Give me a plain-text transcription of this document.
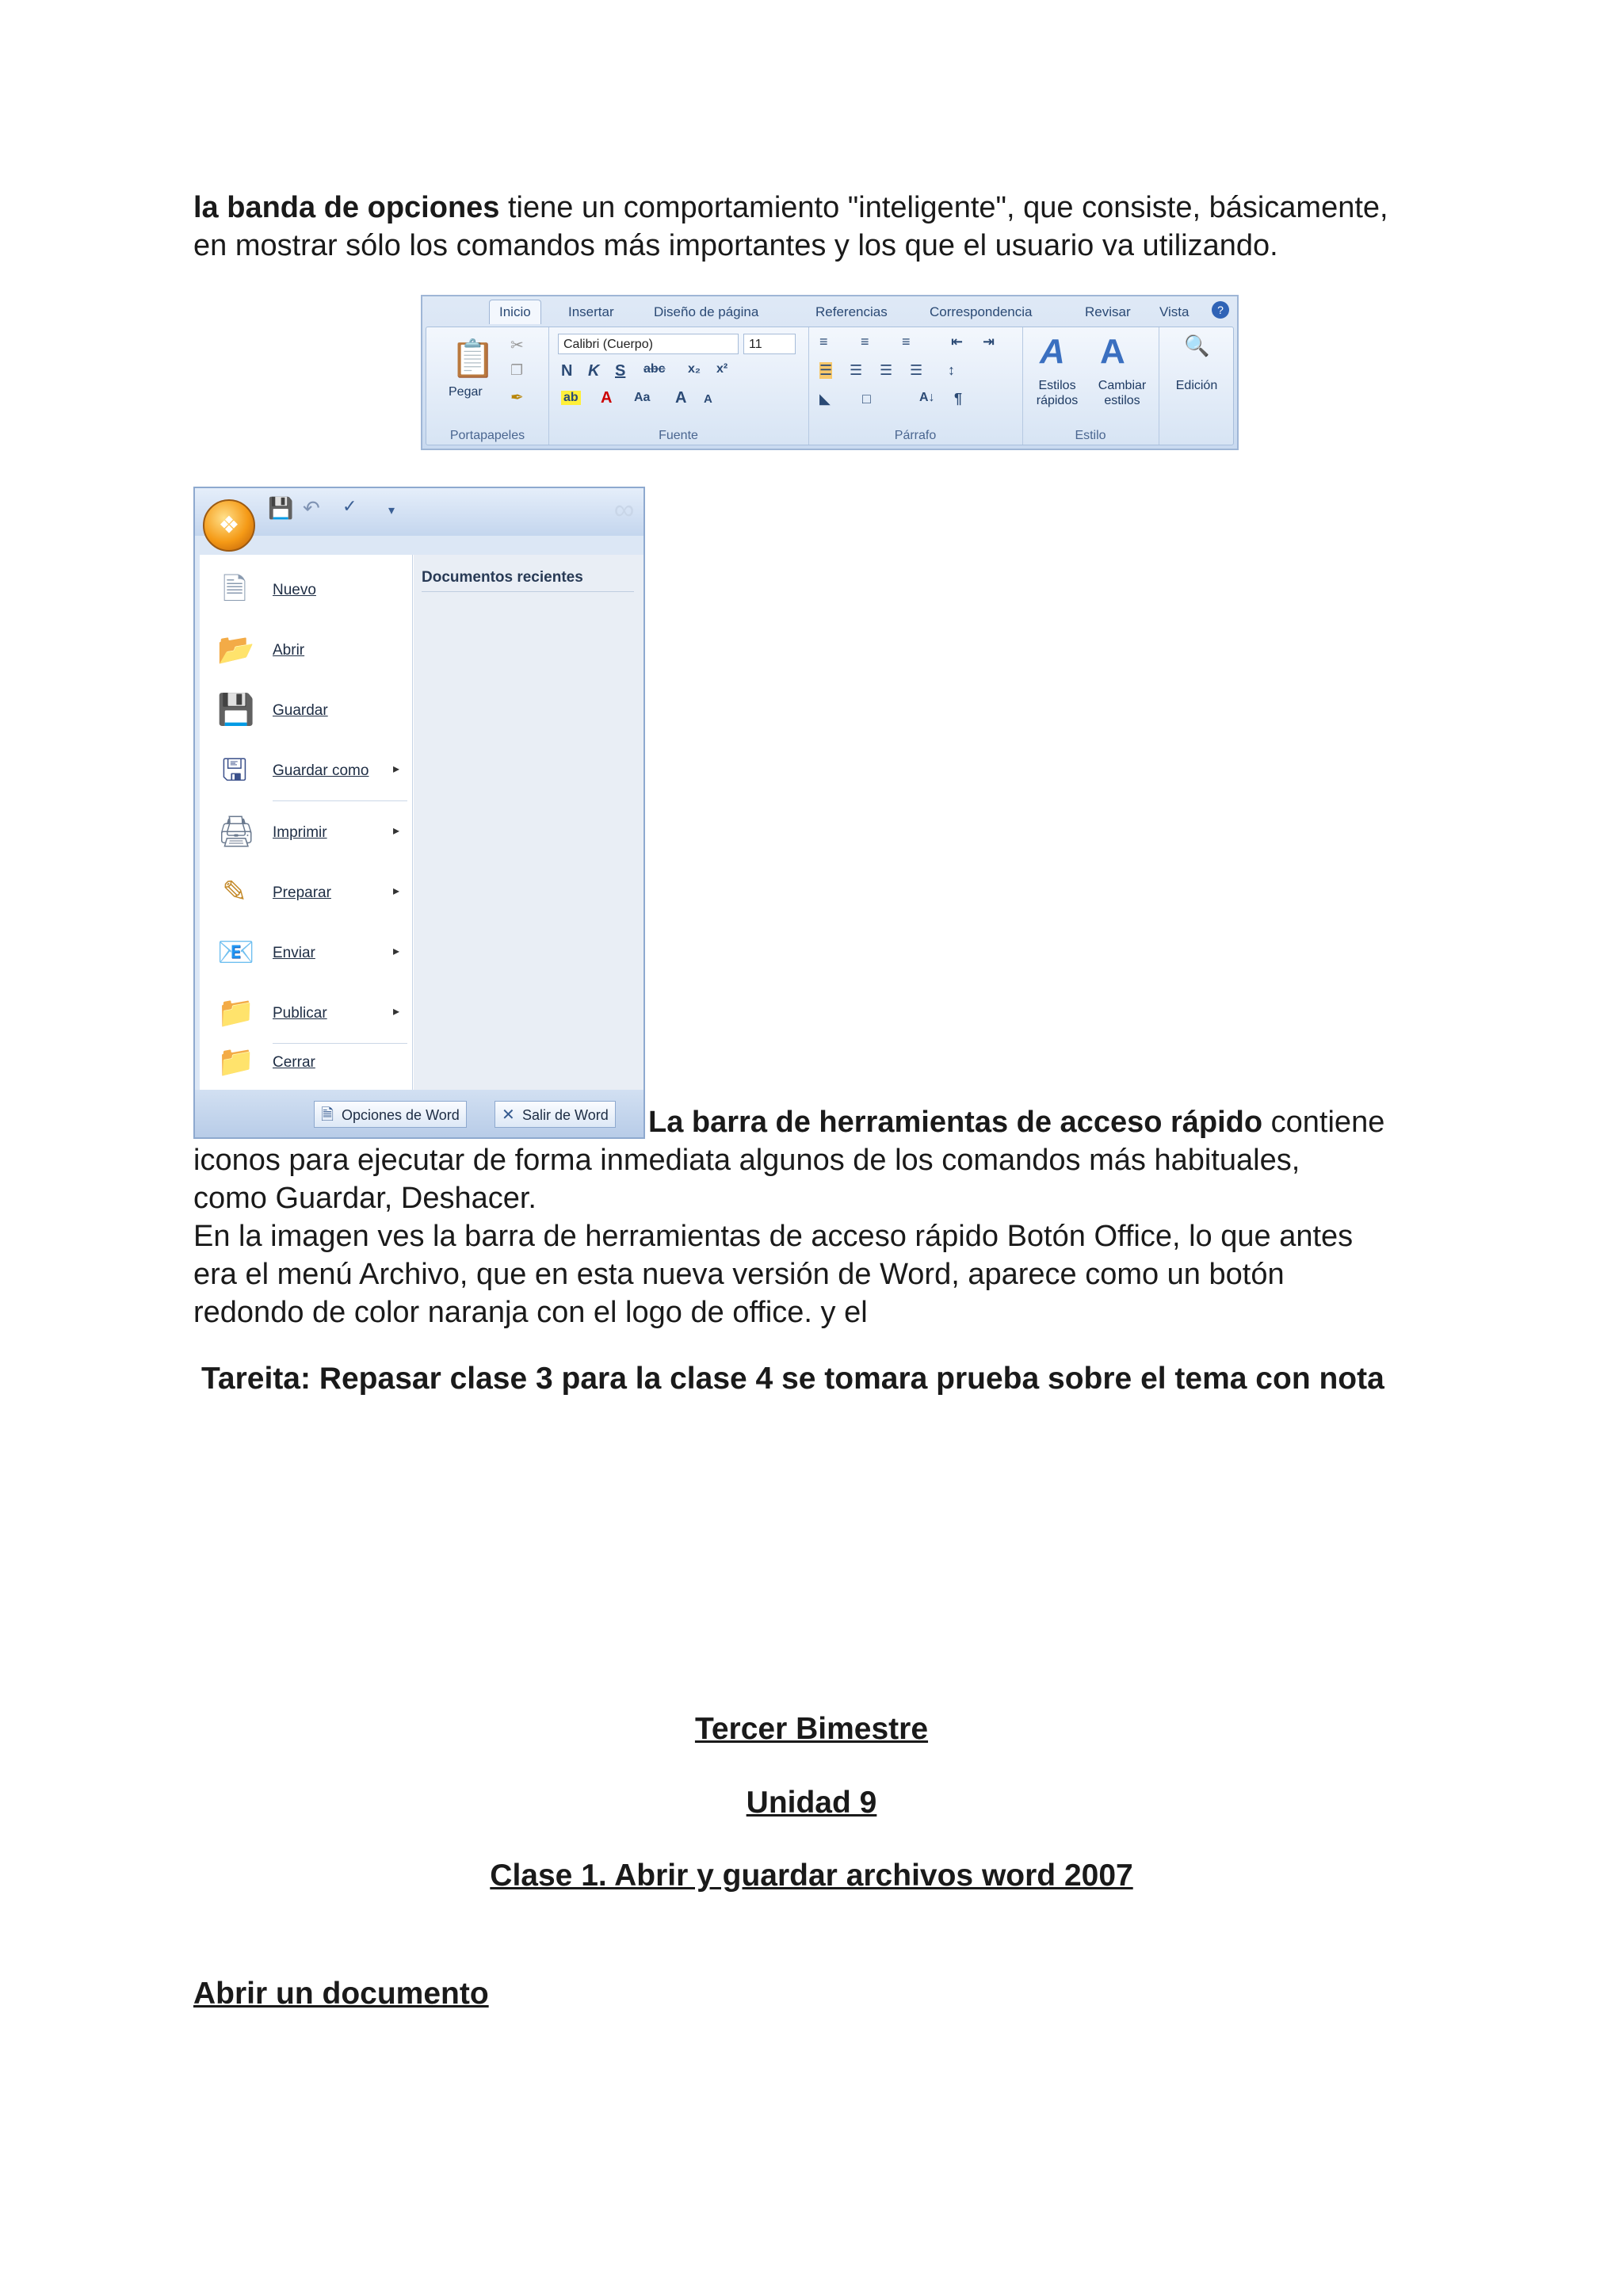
la banda de opciones tiene un comportamiento "inteligente", que consiste, básicamente,
en mostrar sólo los comandos más importantes y los que el usuario va utilizando.

Inicio	Insertar	Diseño de página	Referencias	Correspondencia	Revisar Vista	?
📋
Pegar
✂
❐
✒
Portapapeles
Calibri (Cuerpo)	11
N K S abc x₂ x²
ab A Aa A A
Fuente
≡ ≡ ≡	⇤ ⇥
☰ ☰ ☰ ☰ ↕
◣ □	A↓ ¶
Párrafo
A A
Estilos rápidos
Cambiar estilos
Estilo
🔍
Edición
💾 ↶ ✓ ▾	∞
❖
🗎	Nuevo
📂 Abrir
💾 Guardar
🖫	Guardar como ▸
🖨 Imprimir	▸
✎	Preparar	▸
📧 Enviar	▸
📁 Publicar	▸
📁 Cerrar
Documentos recientes
🗎 Opciones de Word	✕ Salir de Word La barra de herramientas de acceso rápido contiene

iconos para ejecutar de forma inmediata algunos de los comandos más habituales,
como Guardar, Deshacer.
En la imagen ves la barra de herramientas de acceso rápido Botón Office, lo que antes
era el menú Archivo, que en esta nueva versión de Word, aparece como un botón
redondo de color naranja con el logo de office. y el

Tareita: Repasar clase 3 para la clase 4 se tomara prueba sobre el tema con nota

Tercer Bimestre

Unidad 9

Clase 1. Abrir y guardar archivos word 2007

Abrir un documento
